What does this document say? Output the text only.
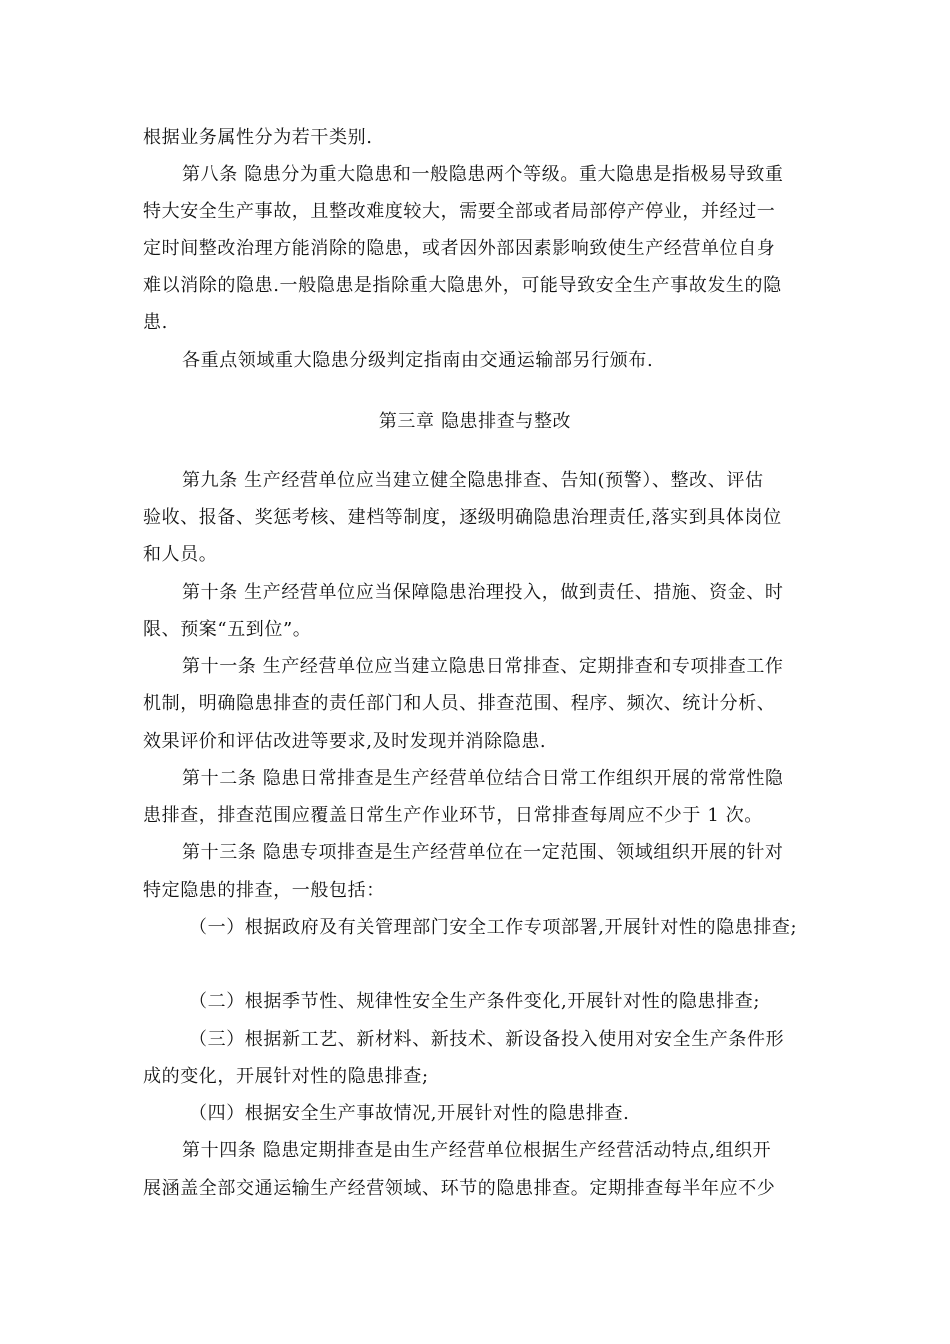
根据业务属性分为若干类别.
第八条 隐患分为重大隐患和一般隐患两个等级。重大隐患是指极易导致重
特大安全生产事故，且整改难度较大，需要全部或者局部停产停业，并经过一
定时间整改治理方能消除的隐患，或者因外部因素影响致使生产经营单位自身
难以消除的隐患.一般隐患是指除重大隐患外，可能导致安全生产事故发生的隐
患.
各重点领域重大隐患分级判定指南由交通运输部另行颁布.
第三章 隐患排查与整改
第九条 生产经营单位应当建立健全隐患排查、告知(预警）、整改、评估
验收、报备、奖惩考核、建档等制度，逐级明确隐患治理责任,落实到具体岗位
和人员。
第十条 生产经营单位应当保障隐患治理投入，做到责任、措施、资金、时
限、预案“五到位”。
第十一条 生产经营单位应当建立隐患日常排查、定期排查和专项排查工作
机制，明确隐患排查的责任部门和人员、排查范围、程序、频次、统计分析、
效果评价和评估改进等要求,及时发现并消除隐患.
第十二条 隐患日常排查是生产经营单位结合日常工作组织开展的常常性隐
患排查，排查范围应覆盖日常生产作业环节，日常排查每周应不少于 1 次。
第十三条 隐患专项排查是生产经营单位在一定范围、领域组织开展的针对
特定隐患的排查，一般包括：
（一）根据政府及有关管理部门安全工作专项部署,开展针对性的隐患排查;
（二）根据季节性、规律性安全生产条件变化,开展针对性的隐患排查;
（三）根据新工艺、新材料、新技术、新设备投入使用对安全生产条件形
成的变化，开展针对性的隐患排查;
（四）根据安全生产事故情况,开展针对性的隐患排查.
第十四条 隐患定期排查是由生产经营单位根据生产经营活动特点,组织开
展涵盖全部交通运输生产经营领域、环节的隐患排查。定期排查每半年应不少
